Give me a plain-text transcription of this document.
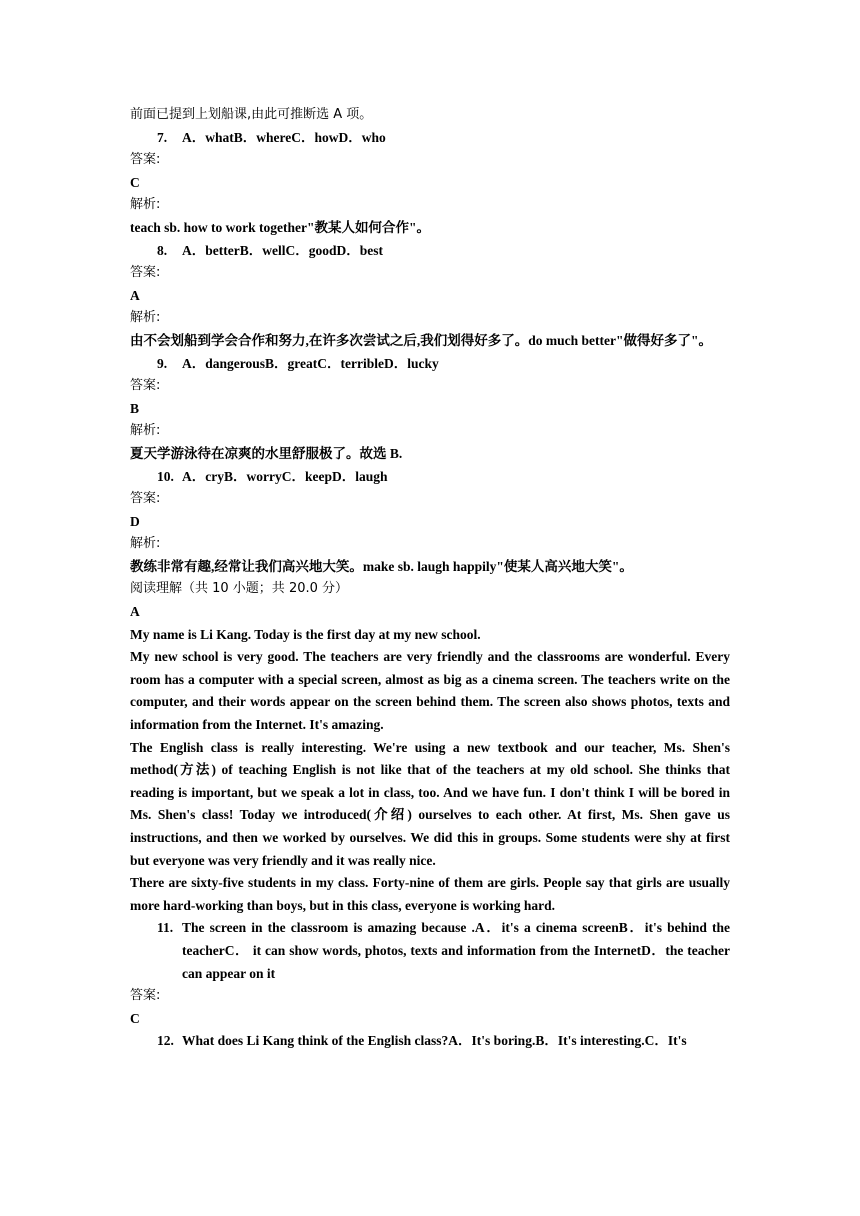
前面已提到上划船课,由此可推断选 A 项。
7. A．whatB．whereC．howD．who
答案:
C
解析:
teach sb. how to work together"教某人如何合作"。
8. A．betterB．wellC．goodD．best
答案:
A
解析:
由不会划船到学会合作和努力,在许多次尝试之后,我们划得好多了。do much better"做得好多了"。
9. A．dangerousB．greatC．terribleD．lucky
答案:
B
解析:
夏天学游泳待在凉爽的水里舒服极了。故选 B.
10. A．cryB．worryC．keepD．laugh
答案:
D
解析:
教练非常有趣,经常让我们高兴地大笑。make sb. laugh happily"使某人高兴地大笑"。
阅读理解（共 10 小题；共 20.0 分）
A
My name is Li Kang. Today is the first day at my new school.
My new school is very good. The teachers are very friendly and the classrooms are wonderful. Every room has a computer with a special screen, almost as big as a cinema screen. The teachers write on the computer, and their words appear on the screen behind them. The screen also shows photos, texts and information from the Internet. It's amazing.
The English class is really interesting. We're using a new textbook and our teacher, Ms. Shen's method(方法) of teaching English is not like that of the teachers at my old school. She thinks that reading is important, but we speak a lot in class, too. And we have fun. I don't think I will be bored in Ms. Shen's class! Today we introduced(介绍) ourselves to each other. At first, Ms. Shen gave us instructions, and then we worked by ourselves. We did this in groups. Some students were shy at first but everyone was very friendly and it was really nice.
There are sixty-five students in my class. Forty-nine of them are girls. People say that girls are usually more hard-working than boys, but in this class, everyone is working hard.
11. The screen in the classroom is amazing because .A．it's a cinema screenB．it's behind the teacherC． it can show words, photos, texts and information from the InternetD．the teacher can appear on it
答案:
C
12. What does Li Kang think of the English class?A．It's boring.B．It's interesting.C．It's
